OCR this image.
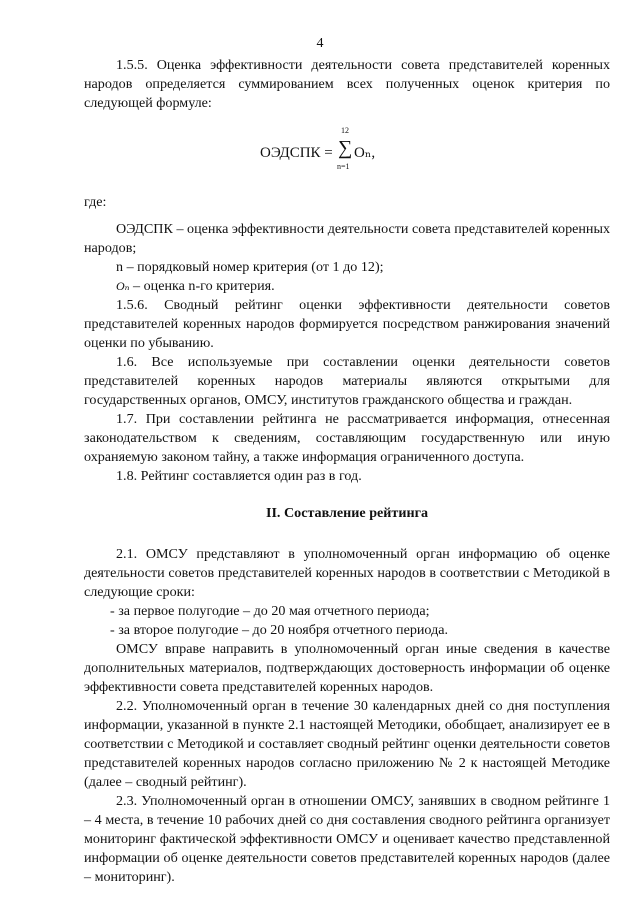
4

1.5.5. Оценка эффективности деятельности совета представителей коренных народов определяется суммированием всех полученных оценок критерия по следующей формуле:

ОЭДСПК =
12
∑
n=1
Oₙ,

где:

ОЭДСПК – оценка эффективности деятельности совета представителей коренных народов;

n – порядковый номер критерия (от 1 до 12);

Oₙ – оценка n-го критерия.

1.5.6. Сводный рейтинг оценки эффективности деятельности советов представителей коренных народов формируется посредством ранжирования значений оценки по убыванию.

1.6. Все используемые при составлении оценки деятельности советов представителей коренных народов материалы являются открытыми для государственных органов, ОМСУ, институтов гражданского общества и граждан.

1.7. При составлении рейтинга не рассматривается информация, отнесенная законодательством к сведениям, составляющим государственную или иную охраняемую законом тайну, а также информация ограниченного доступа.

1.8. Рейтинг составляется один раз в год.

II. Составление рейтинга

2.1. ОМСУ представляют в уполномоченный орган информацию об оценке деятельности советов представителей коренных народов в соответствии с Методикой в следующие сроки:

- за первое полугодие – до 20 мая отчетного периода;

- за второе полугодие – до 20 ноября отчетного периода.

ОМСУ вправе направить в уполномоченный орган иные сведения в качестве дополнительных материалов, подтверждающих достоверность информации об оценке эффективности совета представителей коренных народов.

2.2. Уполномоченный орган в течение 30 календарных дней со дня поступления информации, указанной в пункте 2.1 настоящей Методики, обобщает, анализирует ее в соответствии с Методикой и составляет сводный рейтинг оценки деятельности советов представителей коренных народов согласно приложению № 2 к настоящей Методике (далее – сводный рейтинг).

2.3. Уполномоченный орган в отношении ОМСУ, занявших в сводном рейтинге 1 – 4 места, в течение 10 рабочих дней со дня составления сводного рейтинга организует мониторинг фактической эффективности ОМСУ и оценивает качество представленной информации об оценке деятельности советов представителей коренных народов (далее – мониторинг).
